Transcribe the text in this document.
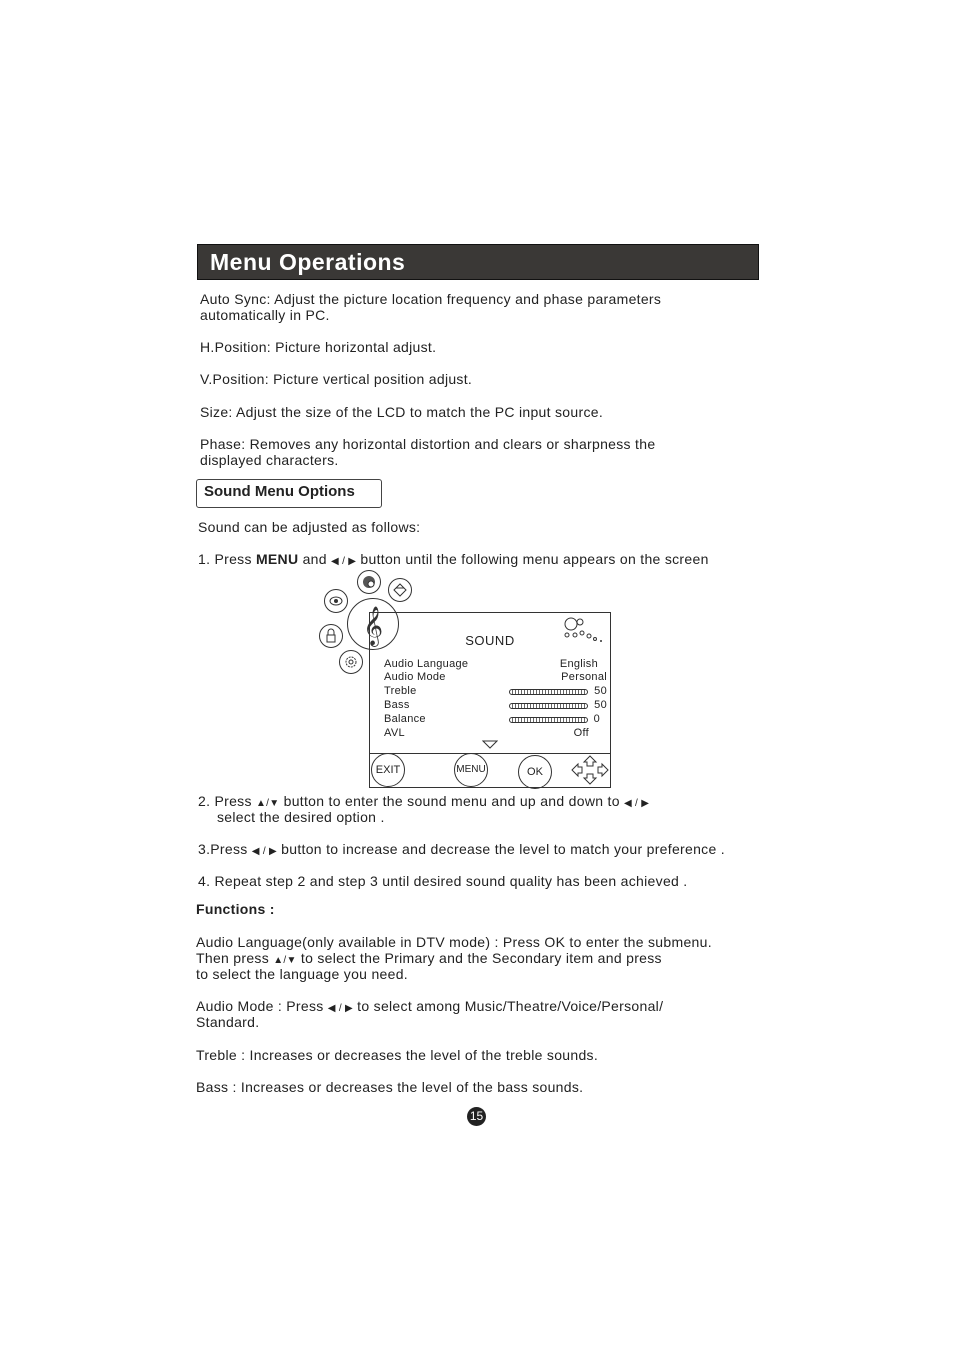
Menu Operations
Auto Sync: Adjust the picture location frequency and phase parameters
automatically in PC.
H.Position: Picture horizontal adjust.
V.Position: Picture vertical position adjust.
Size: Adjust the size of the LCD to match the PC input source.
Phase: Removes any horizontal distortion and clears or sharpness the
displayed characters.
Sound Menu Options
Sound can be adjusted as follows:
1. Press MENU and ◀ / ▶ button until the following menu appears on the screen
𝄞	SOUND
Audio Language	English
Audio Mode	Personal
Treble	50
Bass	50
Balance	0
AVL	Off
EXIT	MENU	OK
2. Press ▲/▼ button to enter the sound menu and up and down to ◀ / ▶
select the desired option .
3.Press ◀ / ▶ button to increase and decrease the level to match your preference .
4. Repeat step 2 and step 3 until desired sound quality has been achieved .
Functions :
Audio Language(only available in DTV mode) : Press OK to enter the submenu.
Then press ▲/▼ to select the Primary and the Secondary item and press
to select the language you need.
Audio Mode : Press ◀ / ▶ to select among Music/Theatre/Voice/Personal/
Standard.
Treble : Increases or decreases the level of the treble sounds.
Bass : Increases or decreases the level of the bass sounds.
15
